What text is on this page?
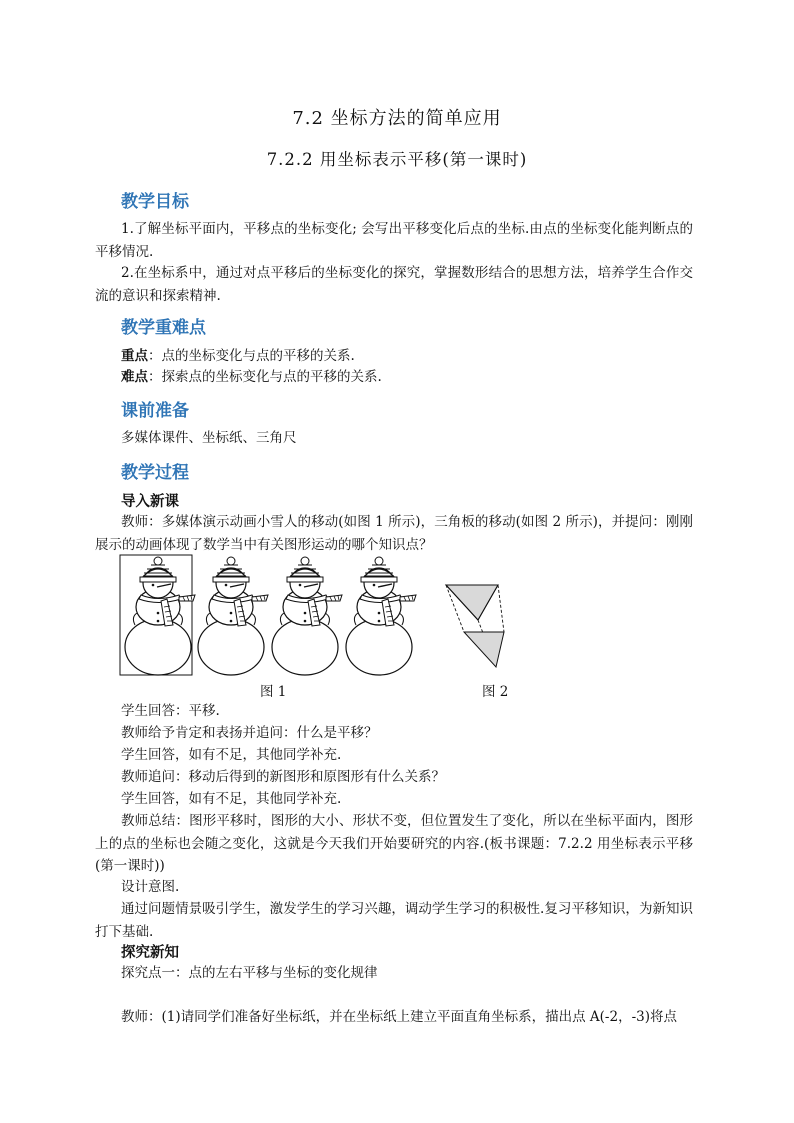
7.2 坐标方法的简单应用
7.2.2 用坐标表示平移(第一课时)
教学目标

1.了解坐标平面内，平移点的坐标变化; 会写出平移变化后点的坐标.由点的坐标变化能判断点的平移情况.

2.在坐标系中，通过对点平移后的坐标变化的探究，掌握数形结合的思想方法，培养学生合作交流的意识和探索精神.

教学重难点
重点：点的坐标变化与点的平移的关系.
难点：探索点的坐标变化与点的平移的关系.
课前准备
多媒体课件、坐标纸、三角尺
教学过程
导入新课

教师：多媒体演示动画小雪人的移动(如图 1 所示)，三角板的移动(如图 2 所示)，并提问：刚刚展示的动画体现了数学当中有关图形运动的哪个知识点？

图 1	图 2
学生回答：平移.
教师给予肯定和表扬并追问：什么是平移？
学生回答，如有不足，其他同学补充.
教师追问：移动后得到的新图形和原图形有什么关系？
学生回答，如有不足，其他同学补充.

教师总结：图形平移时，图形的大小、形状不变，但位置发生了变化，所以在坐标平面内，图形上的点的坐标也会随之变化，这就是今天我们开始要研究的内容.(板书课题：7.2.2 用坐标表示平移(第一课时))

设计意图.

通过问题情景吸引学生，激发学生的学习兴趣，调动学生学习的积极性.复习平移知识，为新知识打下基础.

探究新知
探究点一：点的左右平移与坐标的变化规律
教师：(1)请同学们准备好坐标纸，并在坐标纸上建立平面直角坐标系，描出点 A(-2，-3)将点
